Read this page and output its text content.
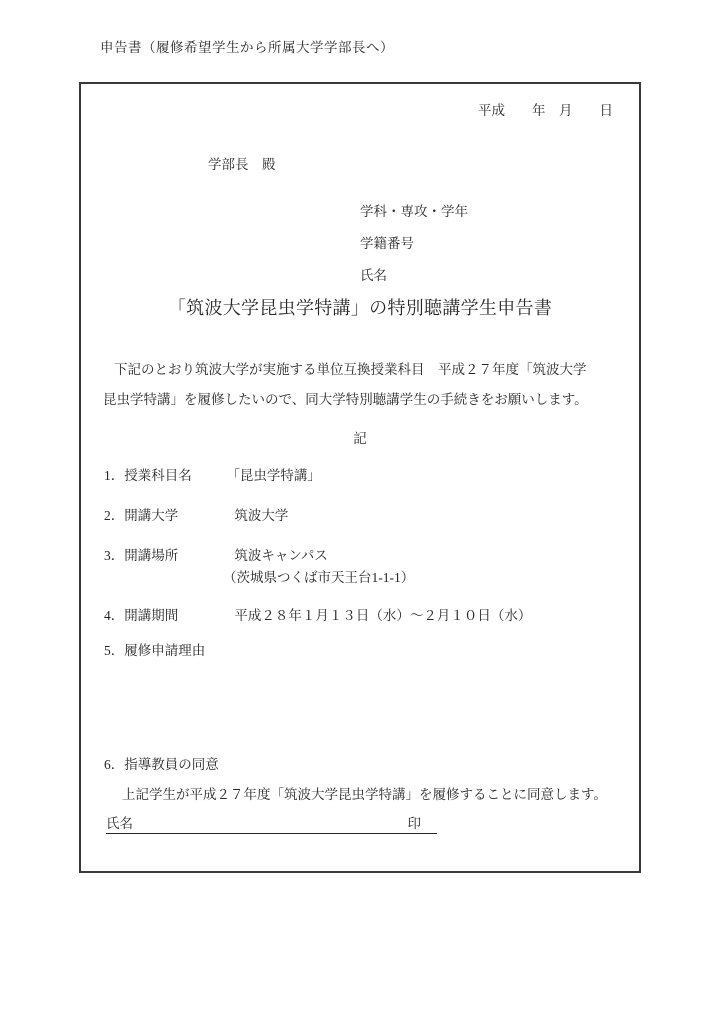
申告書（履修希望学生から所属大学学部長へ）
平成　　年　月　　日
学部長　殿
学科・専攻・学年
学籍番号
氏名
「筑波大学昆虫学特講」の特別聴講学生申告書
下記のとおり筑波大学が実施する単位互換授業科目　平成２７年度「筑波大学
昆虫学特講」を履修したいので、同大学特別聴講学生の手続きをお願いします。
記
1．授業科目名	「昆虫学特講」
2．開講大学	筑波大学
3．開講場所	筑波キャンパス
（茨城県つくば市天王台1-1-1）
4．開講期間	平成２８年１月１３日（水）～２月１０日（水）
5．履修申請理由
6．指導教員の同意
上記学生が平成２７年度「筑波大学昆虫学特講」を履修することに同意します。
氏名	印
